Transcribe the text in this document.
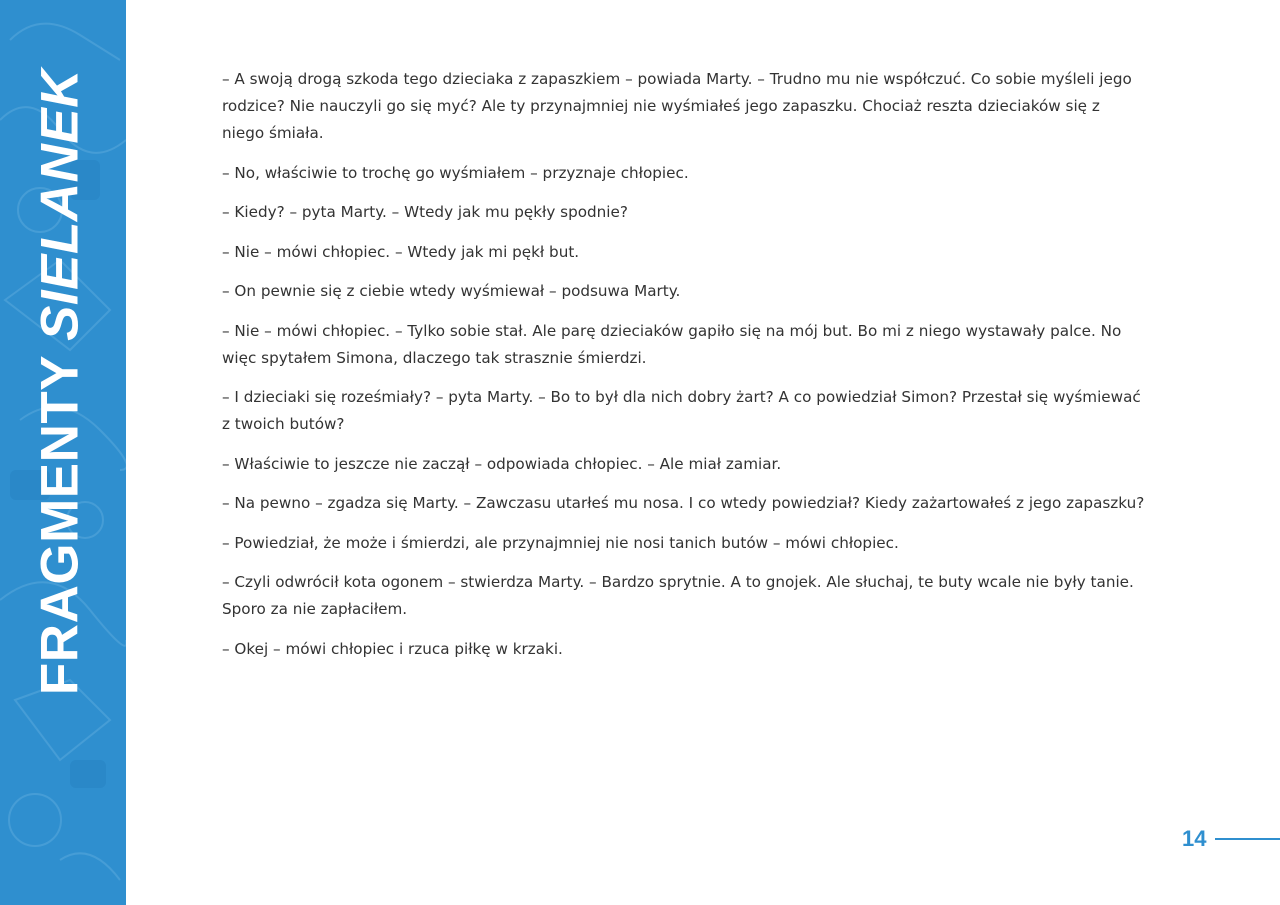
FRAGMENTYSIELANEK	– A swoją drogą szkoda tego dzieciaka z zapaszkiem – powiada Marty. – Trudno mu nie współczuć. Co sobie myśleli jego rodzice? Nie nauczyli go się myć? Ale ty przynajmniej nie wyśmiałeś jego zapaszku. Chociaż reszta dzieciaków się z niego śmiała.

– No, właściwie to trochę go wyśmiałem – przyznaje chłopiec.

– Kiedy? – pyta Marty. – Wtedy jak mu pękły spodnie?

– Nie – mówi chłopiec. – Wtedy jak mi pękł but.

– On pewnie się z ciebie wtedy wyśmiewał – podsuwa Marty.

– Nie – mówi chłopiec. – Tylko sobie stał. Ale parę dzieciaków gapiło się na mój but. Bo mi z niego wystawały palce. No więc spytałem Simona, dlaczego tak strasznie śmierdzi.

– I dzieciaki się roześmiały? – pyta Marty. – Bo to był dla nich dobry żart? A co powiedział Simon? Przestał się wyśmiewać z twoich butów?

– Właściwie to jeszcze nie zaczął – odpowiada chłopiec. – Ale miał zamiar.

– Na pewno – zgadza się Marty. – Zawczasu utarłeś mu nosa. I co wtedy powiedział? Kiedy zażartowałeś z jego zapaszku?

– Powiedział, że może i śmierdzi, ale przynajmniej nie nosi tanich butów – mówi chłopiec.

– Czyli odwrócił kota ogonem – stwierdza Marty. – Bardzo sprytnie. A to gnojek. Ale słuchaj, te buty wcale nie były tanie. Sporo za nie zapłaciłem.

– Okej – mówi chłopiec i rzuca piłkę w krzaki.

14
